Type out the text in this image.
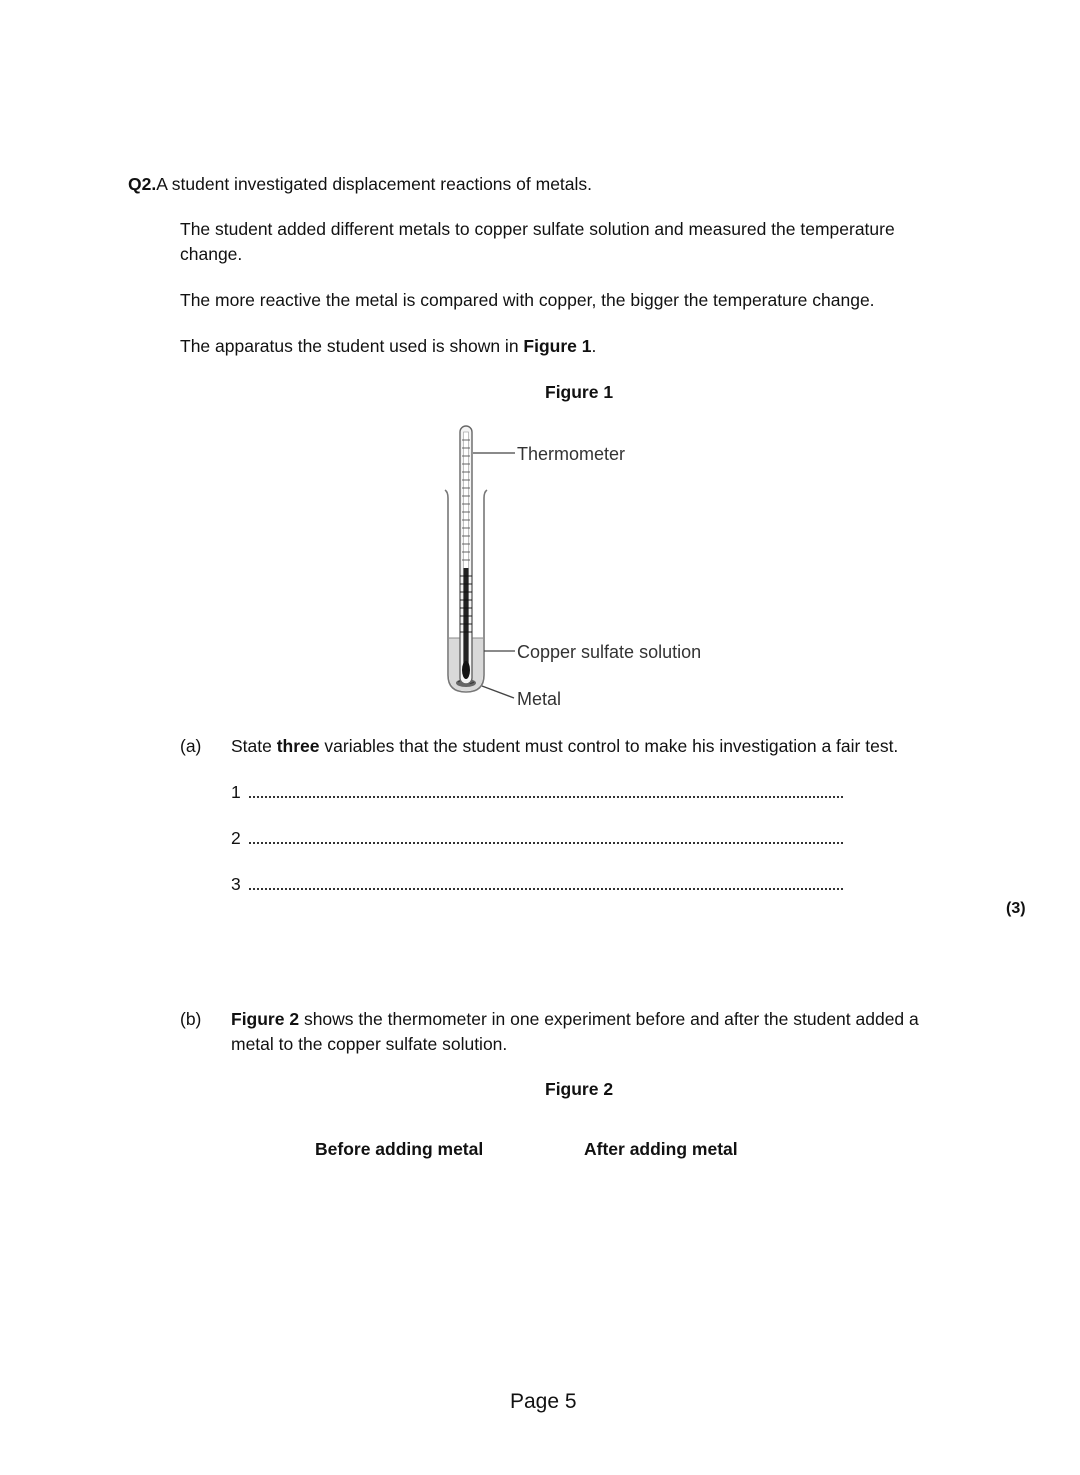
Q2.A student investigated displacement reactions of metals.
The student added different metals to copper sulfate solution and measured the temperature
change.
The more reactive the metal is compared with copper, the bigger the temperature change.
The apparatus the student used is shown in Figure 1.
Figure 1
Thermometer
Copper sulfate solution
Metal
(a) State three variables that the student must control to make his investigation a fair test.
1
2
3
(3)
(b) Figure 2 shows the thermometer in one experiment before and after the student added a
metal to the copper sulfate solution.
Figure 2
Before adding metal	After adding metal
Page 5
